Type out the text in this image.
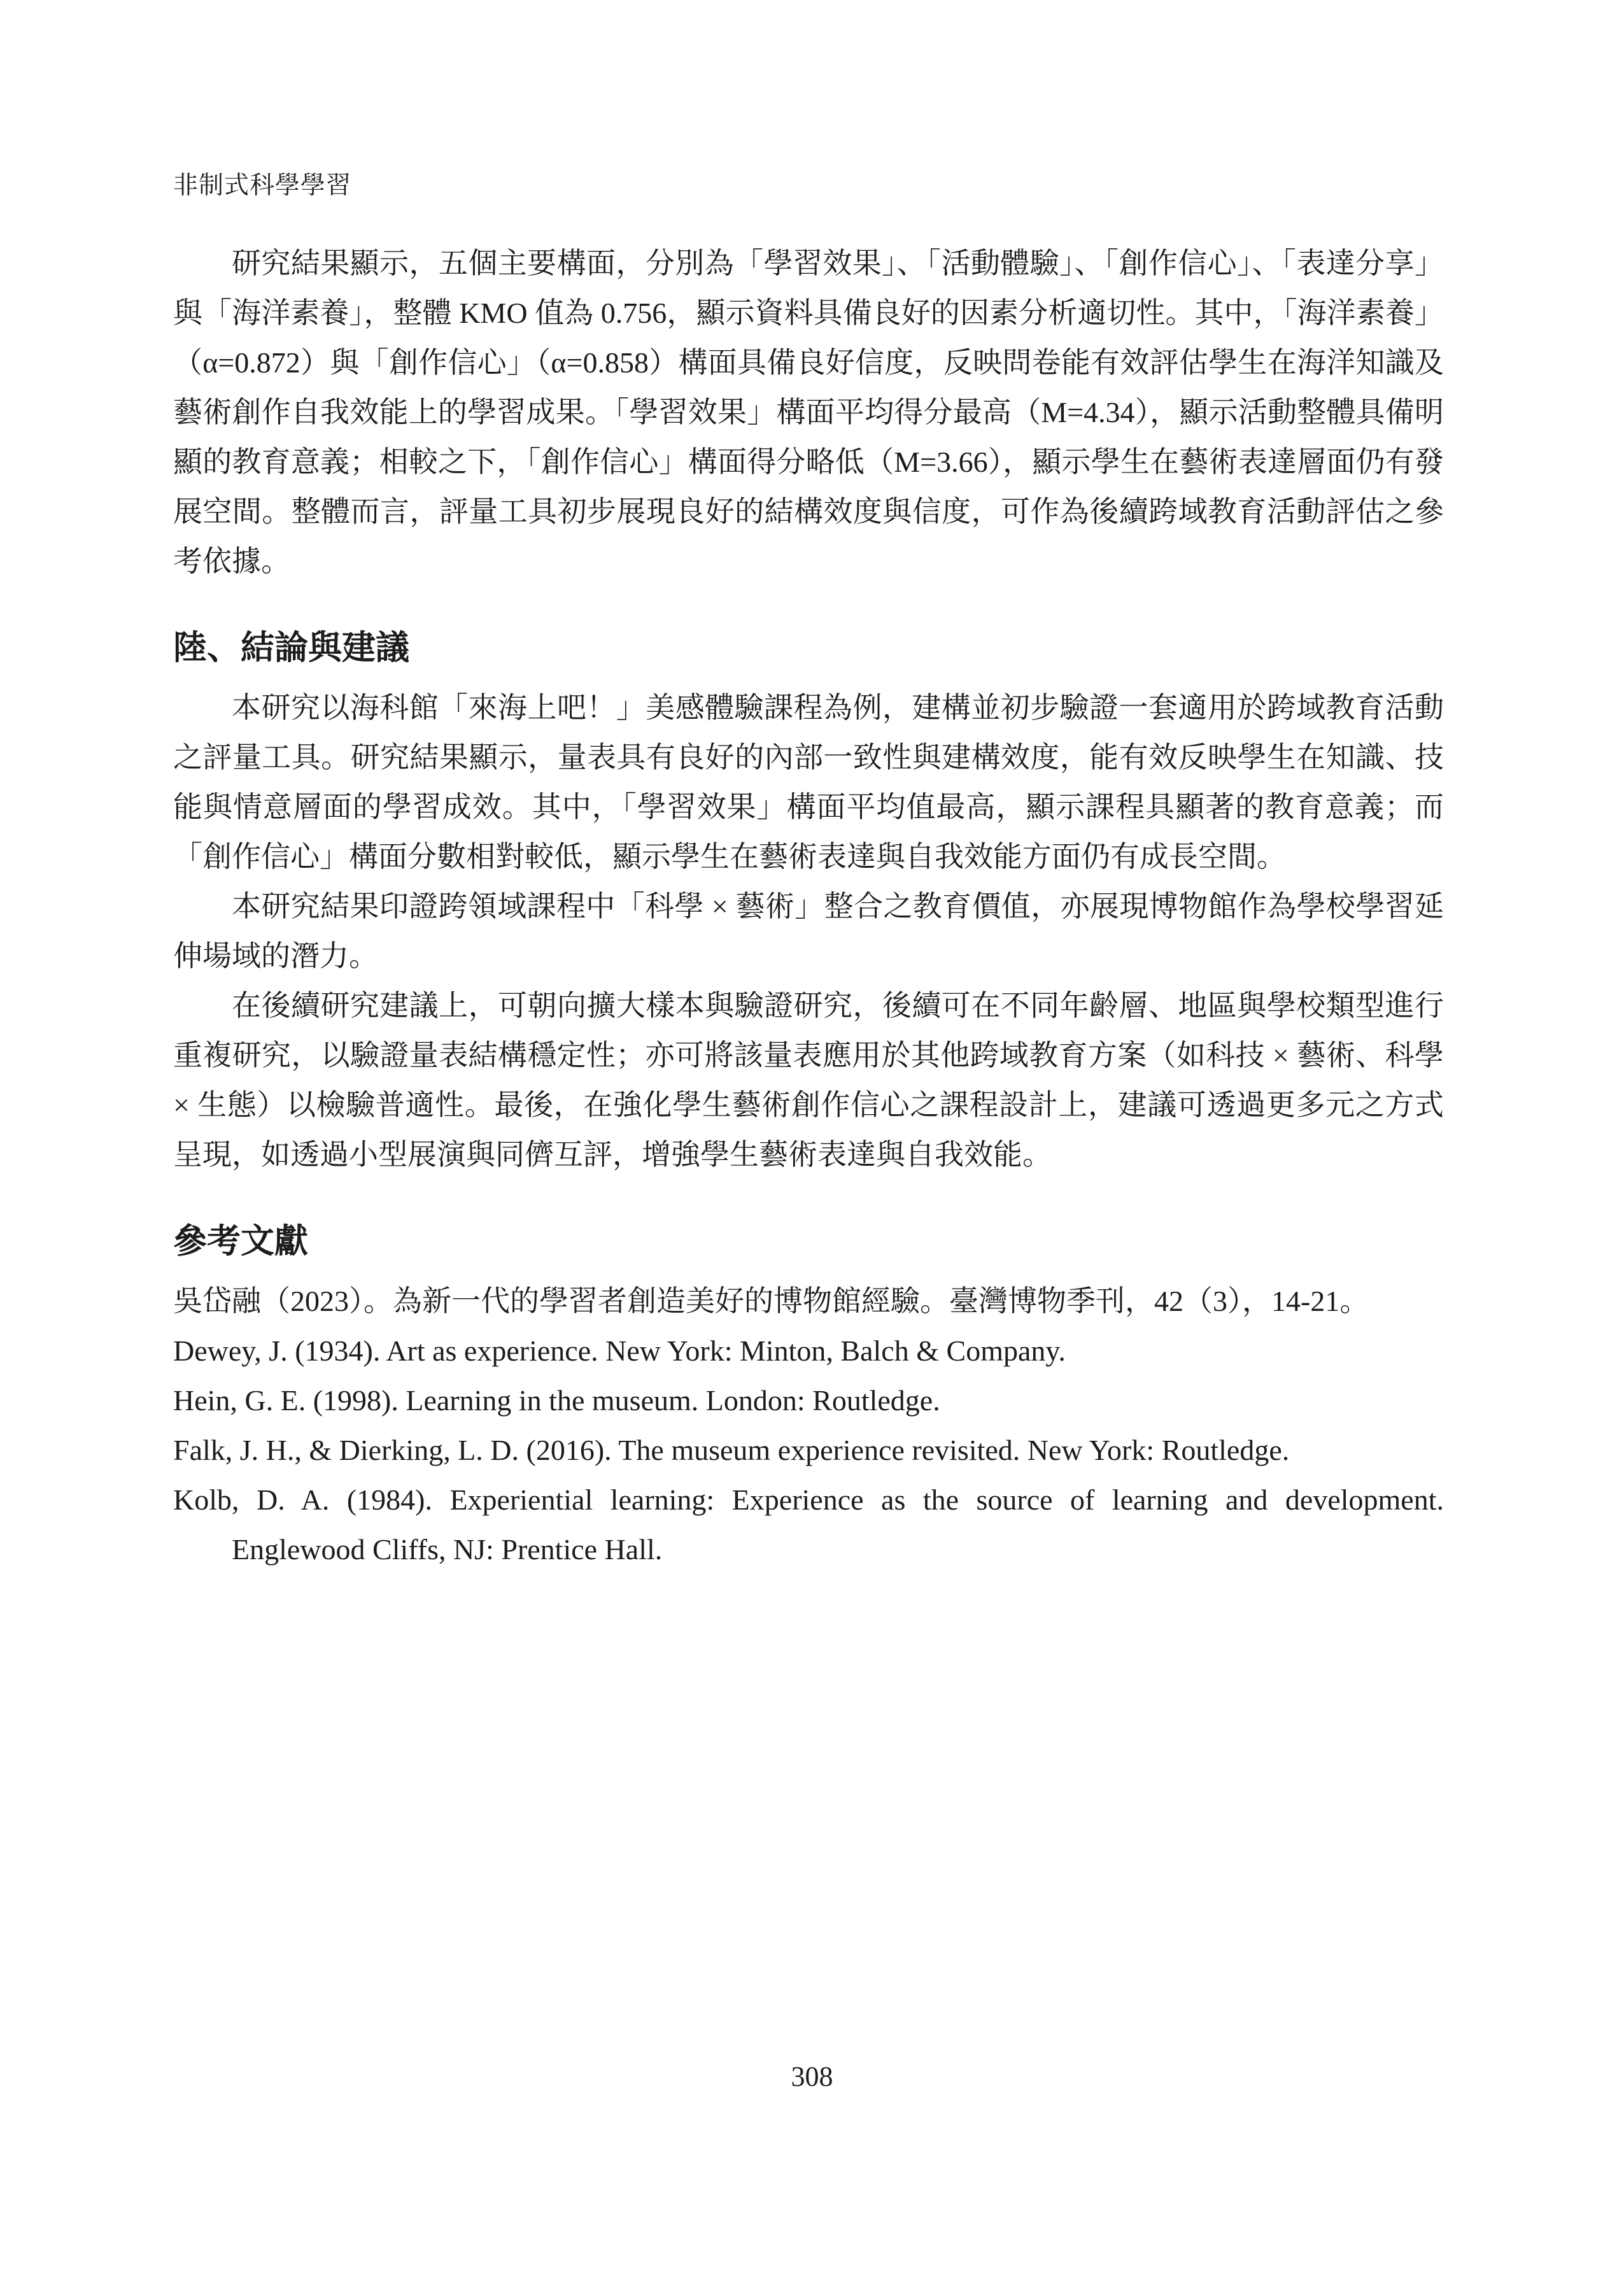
非制式科學學習

研究結果顯示，五個主要構面，分別為「學習效果」、「活動體驗」、「創作信心」、「表達分享」與「海洋素養」，整體 KMO 值為 0.756，顯示資料具備良好的因素分析適切性。其中，「海洋素養」（α=0.872）與「創作信心」（α=0.858）構面具備良好信度，反映問卷能有效評估學生在海洋知識及藝術創作自我效能上的學習成果。「學習效果」構面平均得分最高（M=4.34），顯示活動整體具備明顯的教育意義；相較之下，「創作信心」構面得分略低（M=3.66），顯示學生在藝術表達層面仍有發展空間。整體而言，評量工具初步展現良好的結構效度與信度，可作為後續跨域教育活動評估之參考依據。

陸、結論與建議

本研究以海科館「來海上吧！」美感體驗課程為例，建構並初步驗證一套適用於跨域教育活動之評量工具。研究結果顯示，量表具有良好的內部一致性與建構效度，能有效反映學生在知識、技能與情意層面的學習成效。其中，「學習效果」構面平均值最高，顯示課程具顯著的教育意義；而「創作信心」構面分數相對較低，顯示學生在藝術表達與自我效能方面仍有成長空間。

本研究結果印證跨領域課程中「科學 × 藝術」整合之教育價值，亦展現博物館作為學校學習延伸場域的潛力。

在後續研究建議上，可朝向擴大樣本與驗證研究，後續可在不同年齡層、地區與學校類型進行重複研究，以驗證量表結構穩定性；亦可將該量表應用於其他跨域教育方案（如科技 × 藝術、科學 × 生態）以檢驗普適性。最後，在強化學生藝術創作信心之課程設計上，建議可透過更多元之方式呈現，如透過小型展演與同儕互評，增強學生藝術表達與自我效能。

參考文獻

吳岱融（2023）。為新一代的學習者創造美好的博物館經驗。臺灣博物季刊，42（3），14-21。

Dewey, J. (1934). Art as experience. New York: Minton, Balch & Company.

Hein, G. E. (1998). Learning in the museum. London: Routledge.

Falk, J. H., & Dierking, L. D. (2016). The museum experience revisited. New York: Routledge.

Kolb, D. A. (1984). Experiential learning: Experience as the source of learning and development. Englewood Cliffs, NJ: Prentice Hall.

308
